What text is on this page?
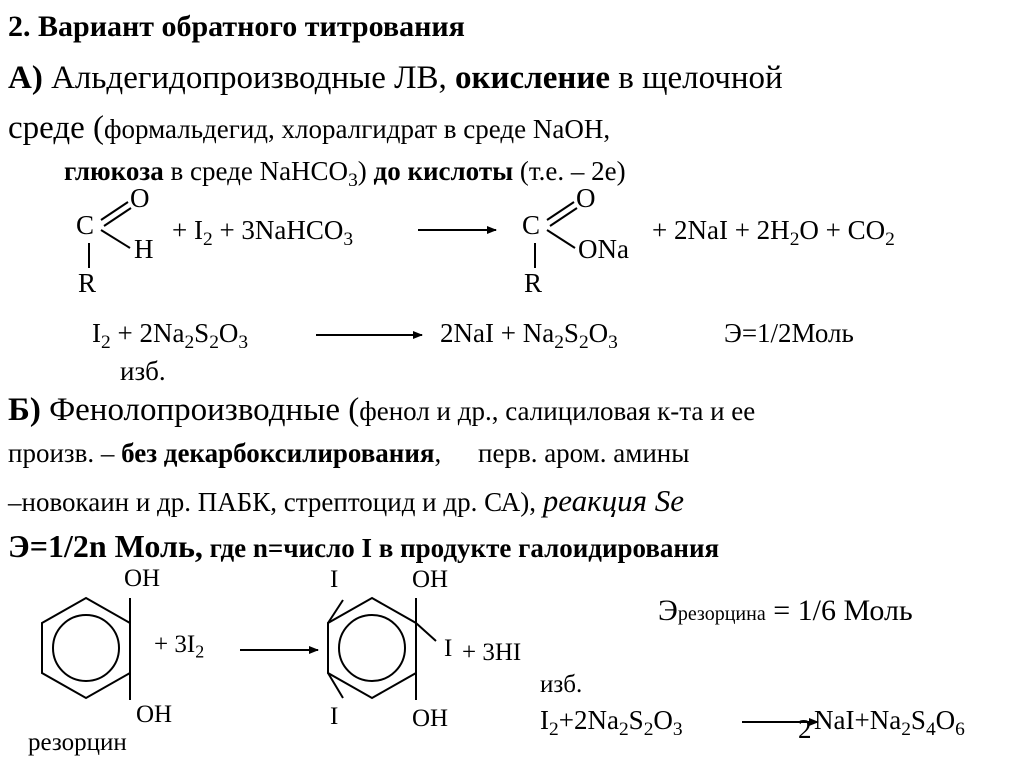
2. Вариант обратного титрования
А) Альдегидопроизводные ЛВ, окисление в щелочной
среде (формальдегид, хлоралгидрат в среде NaOH,
глюкоза в среде NaHCO$_3$) до кислоты (т.е. – 2е)
C
O
H
R
+ $I_2$ + 3NaHCO$_3$	C
O
ONa
R
+ $2NaI + 2H_2O + CO_2$
$I_2 + 2Na_2S_2O_3$	$2NaI + Na_2S_2O_3$	Э=1/2Моль
изб.
Б) Фенолопроизводные (фенол и др., салициловая к-та и ее
произв. – без декарбоксилирования, перв. аром. амины
–новокаин и др. ПАБК, стрептоцид и др. СА), реакция Se
Э=1/2n Моль, где n=число I в продукте галоидирования
OH
OH
+ $3I_2$
I	OH
I
I	OH
+ 3HI
резорцин
Эрезорцина = 1/6 Моль
изб.
$I_2+2Na_2S_2O_3$	2 $NaI+Na_2S_4O_6$
